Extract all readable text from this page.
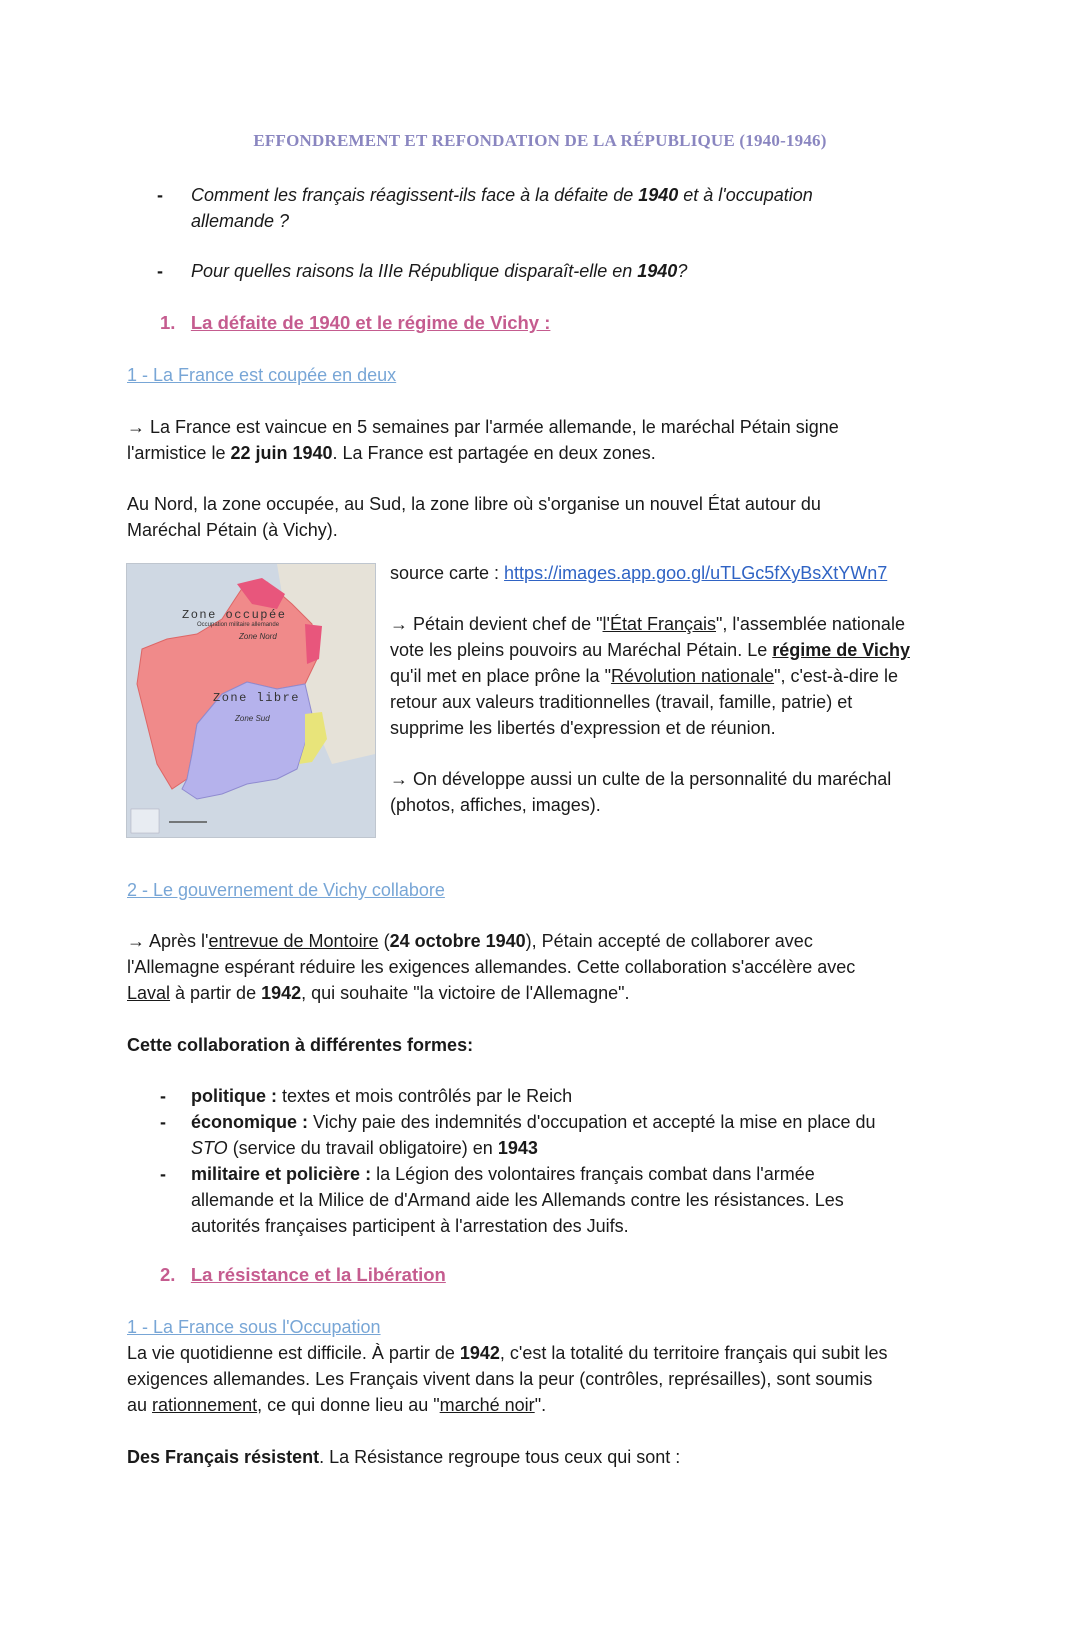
EFFONDREMENT ET REFONDATION DE LA RÉPUBLIQUE (1940-1946)
- Comment les français réagissent-ils face à la défaite de 1940 et à l'occupation

allemande ?

- Pour quelles raisons la IIIe République disparaît-elle en 1940?

1. La défaite de 1940 et le régime de Vichy :
1 - La France est coupée en deux

→ La France est vaincue en 5 semaines par l'armée allemande, le maréchal Pétain signe

l'armistice le 22 juin 1940. La France est partagée en deux zones.

Au Nord, la zone occupée, au Sud, la zone libre où s'organise un nouvel État autour du

Maréchal Pétain (à Vichy).

Zone occupée
Occupation militaire allemande
Zone Nord
Zone libre
Zone Sud
source carte : https://images.app.goo.gl/uTLGc5fXyBsXtYWn7

→ Pétain devient chef de "l'État Français", l'assemblée nationale

vote les pleins pouvoirs au Maréchal Pétain. Le régime de Vichy

qu'il met en place prône la "Révolution nationale", c'est-à-dire le

retour aux valeurs traditionnelles (travail, famille, patrie) et

supprime les libertés d'expression et de réunion.

→ On développe aussi un culte de la personnalité du maréchal

(photos, affiches, images).

2 - Le gouvernement de Vichy collabore

→ Après l'entrevue de Montoire (24 octobre 1940), Pétain accepté de collaborer avec

l'Allemagne espérant réduire les exigences allemandes. Cette collaboration s'accélère avec

Laval à partir de 1942, qui souhaite "la victoire de l'Allemagne".

Cette collaboration à différentes formes:
- politique : textes et mois contrôlés par le Reich

- économique : Vichy paie des indemnités d'occupation et accepté la mise en place du

STO (service du travail obligatoire) en 1943

- militaire et policière : la Légion des volontaires français combat dans l'armée

allemande et la Milice de d'Armand aide les Allemands contre les résistances. Les

autorités françaises participent à l'arrestation des Juifs.

2. La résistance et la Libération
1 - La France sous l'Occupation

La vie quotidienne est difficile. À partir de 1942, c'est la totalité du territoire français qui subit les

exigences allemandes. Les Français vivent dans la peur (contrôles, représailles), sont soumis

au rationnement, ce qui donne lieu au "marché noir".

Des Français résistent. La Résistance regroupe tous ceux qui sont :
